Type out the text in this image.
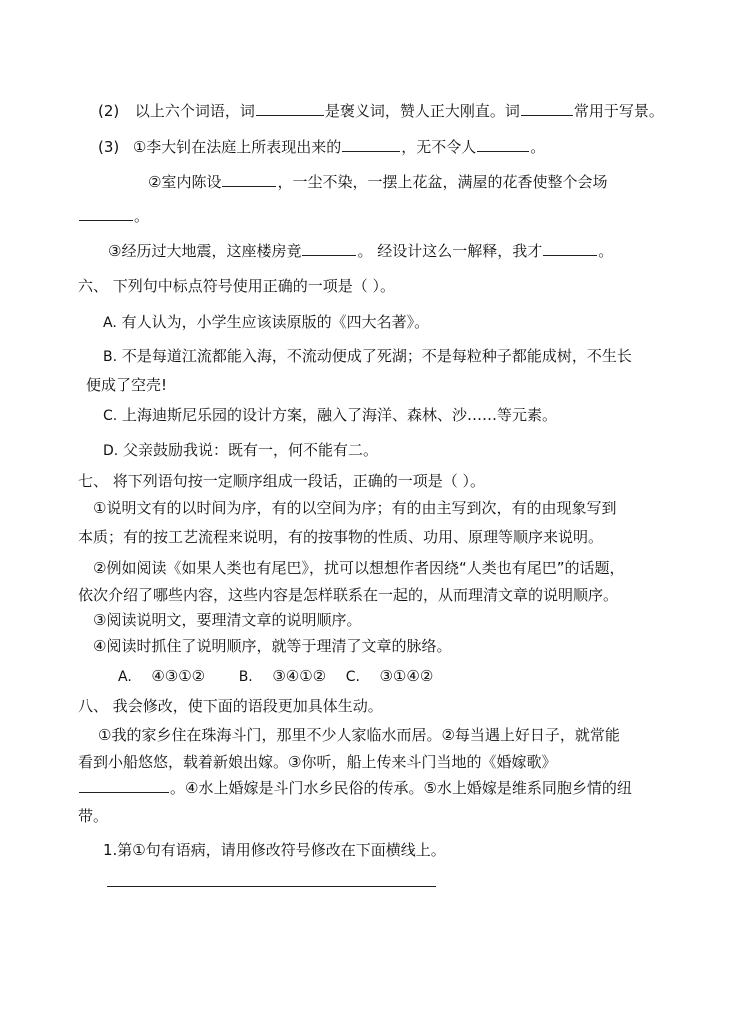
(2) 以上六个词语，词	是褒义词，赞人正大刚直。词	常用于写景。
(3) ①李大钊在法庭上所表现出来的	，无不令人	。
②室内陈设	，一尘不染，一摆上花盆，满屋的花香使整个会场
。
③经历过大地震，这座楼房竟	。 经设计这么一解释，我才	。
六、 下列句中标点符号使用正确的一项是（ ）。
A. 有人认为，小学生应该读原版的《四大名著》。
B. 不是每道江流都能入海，不流动便成了死湖；不是每粒种子都能成树，不生长
便成了空壳!
C. 上海迪斯尼乐园的设计方案，融入了海洋、森林、沙……等元素。
D. 父亲鼓励我说：既有一，何不能有二。
七、 将下列语句按一定顺序组成一段话，正确的一项是（ ）。
①说明文有的以时间为序，有的以空间为序；有的由主写到次，有的由现象写到
本质；有的按工艺流程来说明，有的按事物的性质、功用、原理等顺序来说明。
②例如阅读《如果人类也有尾巴》，扰可以想想作者因绕“人类也有尾巴”的话题，
依次介绍了哪些内容，这些内容是怎样联系在一起的，从而理清文章的说明顺序。
③阅读说明文，要理清文章的说明顺序。
④阅读时抓住了说明顺序，就等于理清了文章的脉络。
A. ④③①② B. ③④①② C. ③①④②
八、 我会修改，使下面的语段更加具体生动。
①我的家乡住在珠海斗门，那里不少人家临水而居。②每当遇上好日子，就常能
看到小船悠悠，载着新娘出嫁。③你听，船上传来斗门当地的《婚嫁歌》
。④水上婚嫁是斗门水乡民俗的传承。⑤水上婚嫁是维系同胞乡情的纽
带。
1.第①句有语病，请用修改符号修改在下面横线上。
